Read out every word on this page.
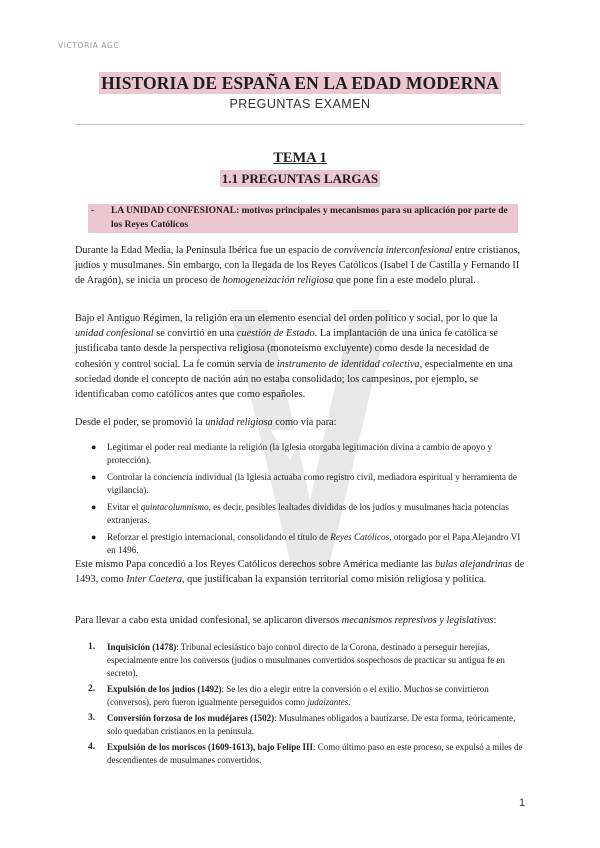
VICTORIA AGC
HISTORIA DE ESPAÑA EN LA EDAD MODERNA
PREGUNTAS EXAMEN
TEMA 1
1.1 PREGUNTAS LARGAS
- LA UNIDAD CONFESIONAL: motivos principales y mecanismos para su aplicación por parte de los Reyes Católicos
Durante la Edad Media, la Península Ibérica fue un espacio de convivencia interconfesional entre cristianos, judíos y musulmanes. Sin embargo, con la llegada de los Reyes Católicos (Isabel I de Castilla y Fernando II de Aragón), se inicia un proceso de homogeneización religiosa que pone fin a este modelo plural.
Bajo el Antiguo Régimen, la religión era un elemento esencial del orden político y social, por lo que la unidad confesional se convirtió en una cuestión de Estado. La implantación de una única fe católica se justificaba tanto desde la perspectiva religiosa (monoteísmo excluyente) como desde la necesidad de cohesión y control social. La fe común servía de instrumento de identidad colectiva, especialmente en una sociedad donde el concepto de nación aún no estaba consolidado; los campesinos, por ejemplo, se identificaban como católicos antes que como españoles.
Desde el poder, se promovió la unidad religiosa como vía para:
● Legitimar el poder real mediante la religión (la Iglesia otorgaba legitimación divina a cambio de apoyo y protección).
● Controlar la conciencia individual (la Iglesia actuaba como registro civil, mediadora espiritual y herramienta de vigilancia).
● Evitar el quintacolumnismo, es decir, posibles lealtades divididas de los judíos y musulmanes hacia potencias extranjeras.
● Reforzar el prestigio internacional, consolidando el título de Reyes Católicos, otorgado por el Papa Alejandro VI en 1496.
Este mismo Papa concedió a los Reyes Católicos derechos sobre América mediante las bulas alejandrinas de 1493, como Inter Caetera, que justificaban la expansión territorial como misión religiosa y política.
Para llevar a cabo esta unidad confesional, se aplicaron diversos mecanismos represivos y legislativos:
1. Inquisición (1478): Tribunal eclesiástico bajo control directo de la Corona, destinado a perseguir herejías, especialmente entre los conversos (judíos o musulmanes convertidos sospechosos de practicar su antigua fe en secreto).
2. Expulsión de los judíos (1492): Se les dio a elegir entre la conversión o el exilio. Muchos se convirtieron (conversos), pero fueron igualmente perseguidos como judaizantes.
3. Conversión forzosa de los mudéjares (1502): Musulmanes obligados a bautizarse. De esta forma, teóricamente, solo quedaban cristianos en la península.
4. Expulsión de los moriscos (1609-1613), bajo Felipe III: Como último paso en este proceso, se expulsó a miles de descendientes de musulmanes convertidos.
1
